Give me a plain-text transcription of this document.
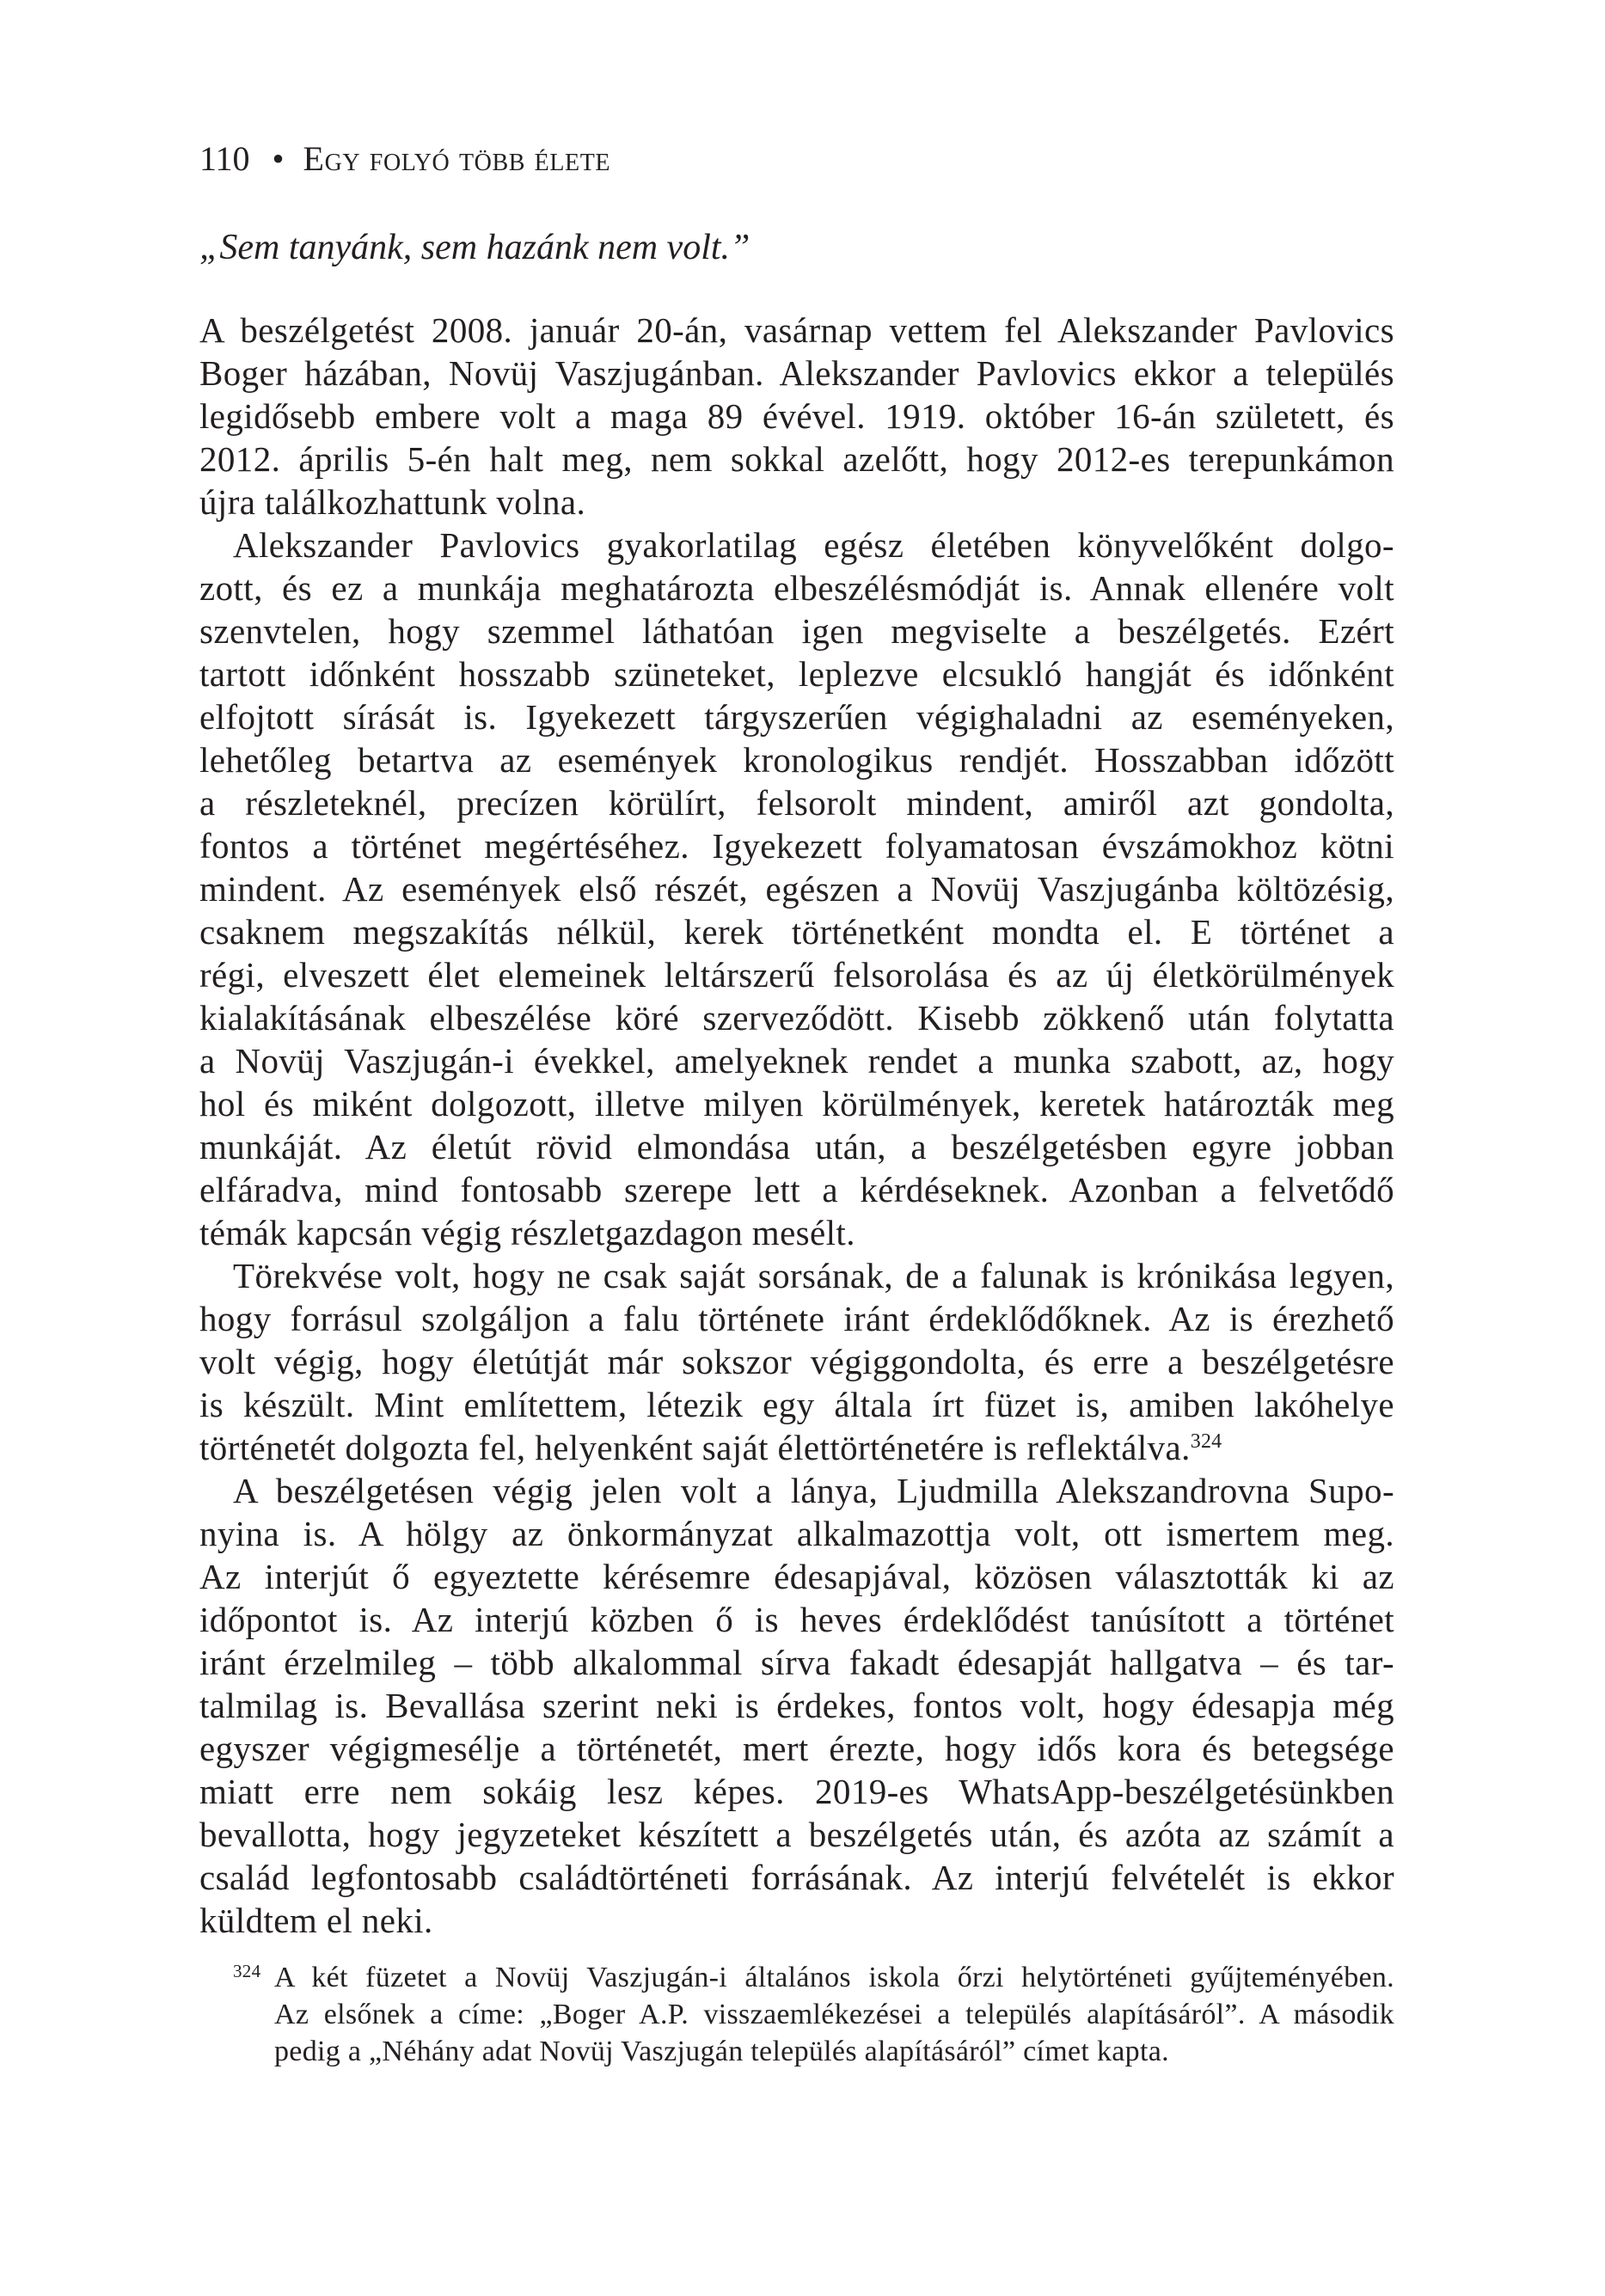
110 • Egy folyó több élete
„Sem tanyánk, sem hazánk nem volt.”
A beszélgetést 2008. január 20-án, vasárnap vettem fel Alekszander Pavlovics
Boger házában, Novüj Vaszjugánban. Alekszander Pavlovics ekkor a település
legidősebb embere volt a maga 89 évével. 1919. október 16-án született, és
2012. április 5-én halt meg, nem sokkal azelőtt, hogy 2012-es terepunkámon
újra találkozhattunk volna.
Alekszander Pavlovics gyakorlatilag egész életében könyvelőként dolgo-
zott, és ez a munkája meghatározta elbeszélésmódját is. Annak ellenére volt
szenvtelen, hogy szemmel láthatóan igen megviselte a beszélgetés. Ezért
tartott időnként hosszabb szüneteket, leplezve elcsukló hangját és időnként
elfojtott sírását is. Igyekezett tárgyszerűen végighaladni az eseményeken,
lehetőleg betartva az események kronologikus rendjét. Hosszabban időzött
a részleteknél, precízen körülírt, felsorolt mindent, amiről azt gondolta,
fontos a történet megértéséhez. Igyekezett folyamatosan évszámokhoz kötni
mindent. Az események első részét, egészen a Novüj Vaszjugánba költözésig,
csaknem megszakítás nélkül, kerek történetként mondta el. E történet a
régi, elveszett élet elemeinek leltárszerű felsorolása és az új életkörülmények
kialakításának elbeszélése köré szerveződött. Kisebb zökkenő után folytatta
a Novüj Vaszjugán-i évekkel, amelyeknek rendet a munka szabott, az, hogy
hol és miként dolgozott, illetve milyen körülmények, keretek határozták meg
munkáját. Az életút rövid elmondása után, a beszélgetésben egyre jobban
elfáradva, mind fontosabb szerepe lett a kérdéseknek. Azonban a felvetődő
témák kapcsán végig részletgazdagon mesélt.
Törekvése volt, hogy ne csak saját sorsának, de a falunak is krónikása legyen,
hogy forrásul szolgáljon a falu története iránt érdeklődőknek. Az is érezhető
volt végig, hogy életútját már sokszor végiggondolta, és erre a beszélgetésre
is készült. Mint említettem, létezik egy általa írt füzet is, amiben lakóhelye
történetét dolgozta fel, helyenként saját élettörténetére is reflektálva.$^{324}$
A beszélgetésen végig jelen volt a lánya, Ljudmilla Alekszandrovna Supo-
nyina is. A hölgy az önkormányzat alkalmazottja volt, ott ismertem meg.
Az interjút ő egyeztette kérésemre édesapjával, közösen választották ki az
időpontot is. Az interjú közben ő is heves érdeklődést tanúsított a történet
iránt érzelmileg – több alkalommal sírva fakadt édesapját hallgatva – és tar-
talmilag is. Bevallása szerint neki is érdekes, fontos volt, hogy édesapja még
egyszer végigmesélje a történetét, mert érezte, hogy idős kora és betegsége
miatt erre nem sokáig lesz képes. 2019-es WhatsApp-beszélgetésünkben
bevallotta, hogy jegyzeteket készített a beszélgetés után, és azóta az számít a
család legfontosabb családtörténeti forrásának. Az interjú felvételét is ekkor
küldtem el neki.
324 A két füzetet a Novüj Vaszjugán-i általános iskola őrzi helytörténeti gyűjteményében.
Az elsőnek a címe: „Boger A.P. visszaemlékezései a település alapításáról”. A második
pedig a „Néhány adat Novüj Vaszjugán település alapításáról” címet kapta.
